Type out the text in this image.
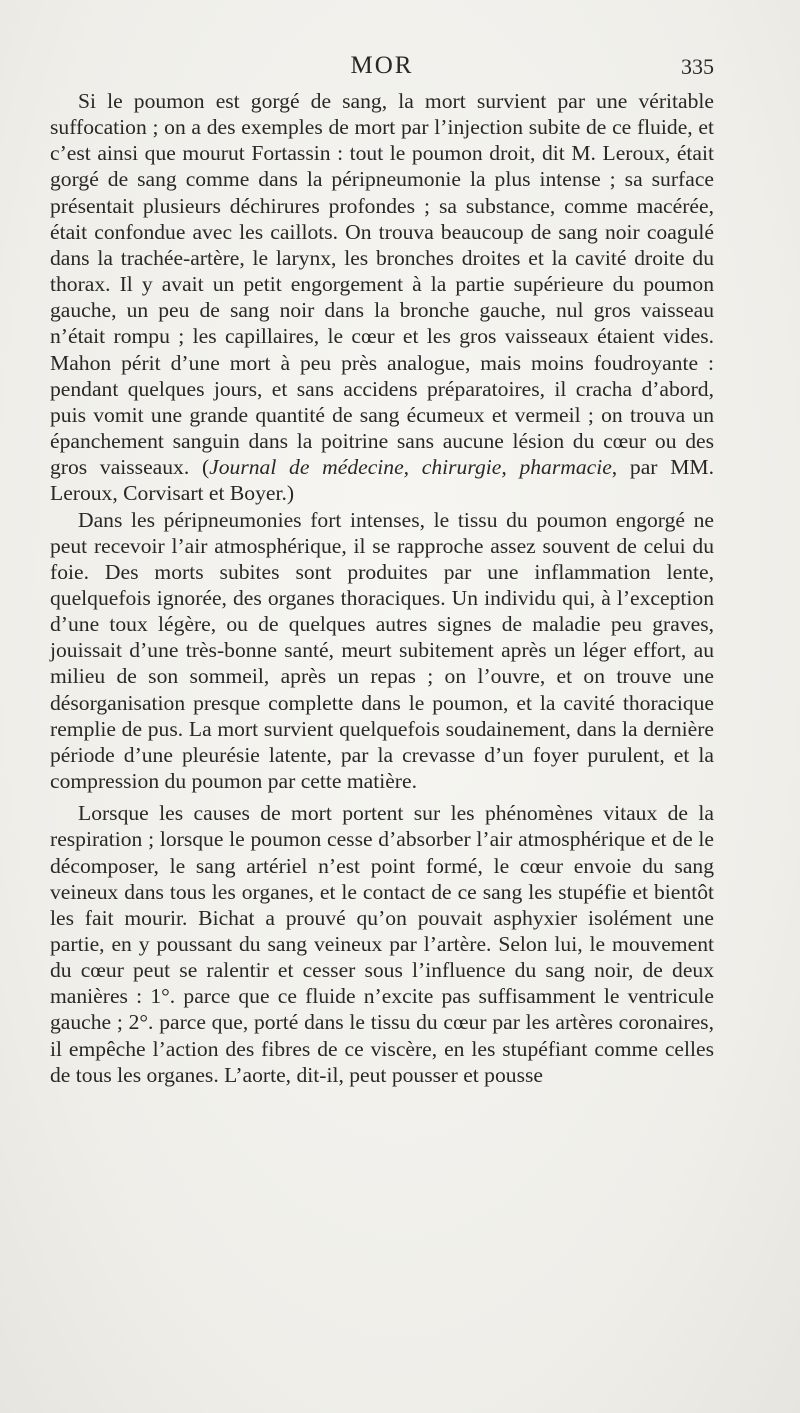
MOR	335

Si le poumon est gorgé de sang, la mort survient par une véritable suffocation ; on a des exemples de mort par l’injection subite de ce fluide, et c’est ainsi que mourut Fortassin : tout le poumon droit, dit M. Leroux, était gorgé de sang comme dans la péripneumonie la plus intense ; sa surface présentait plusieurs déchirures profondes ; sa substance, comme macérée, était confondue avec les caillots. On trouva beaucoup de sang noir coagulé dans la trachée-artère, le larynx, les bronches droites et la cavité droite du thorax. Il y avait un petit engorgement à la partie supérieure du poumon gauche, un peu de sang noir dans la bronche gauche, nul gros vaisseau n’était rompu ; les capillaires, le cœur et les gros vaisseaux étaient vides. Mahon périt d’une mort à peu près analogue, mais moins foudroyante : pendant quelques jours, et sans accidens préparatoires, il cracha d’abord, puis vomit une grande quantité de sang écumeux et vermeil ; on trouva un épanchement sanguin dans la poitrine sans aucune lésion du cœur ou des gros vaisseaux. (Journal de médecine, chirurgie, pharmacie, par MM. Leroux, Corvisart et Boyer.)

Dans les péripneumonies fort intenses, le tissu du poumon engorgé ne peut recevoir l’air atmosphérique, il se rapproche assez souvent de celui du foie. Des morts subites sont produites par une inflammation lente, quelquefois ignorée, des organes thoraciques. Un individu qui, à l’exception d’une toux légère, ou de quelques autres signes de maladie peu graves, jouissait d’une très-bonne santé, meurt subitement après un léger effort, au milieu de son sommeil, après un repas ; on l’ouvre, et on trouve une désorganisation presque complette dans le poumon, et la cavité thoracique remplie de pus. La mort survient quelquefois soudainement, dans la dernière période d’une pleurésie latente, par la crevasse d’un foyer purulent, et la compression du poumon par cette matière.

Lorsque les causes de mort portent sur les phénomènes vitaux de la respiration ; lorsque le poumon cesse d’absorber l’air atmosphérique et de le décomposer, le sang artériel n’est point formé, le cœur envoie du sang veineux dans tous les organes, et le contact de ce sang les stupéfie et bientôt les fait mourir. Bichat a prouvé qu’on pouvait asphyxier isolément une partie, en y poussant du sang veineux par l’artère. Selon lui, le mouvement du cœur peut se ralentir et cesser sous l’influence du sang noir, de deux manières : 1°. parce que ce fluide n’excite pas suffisamment le ventricule gauche ; 2°. parce que, porté dans le tissu du cœur par les artères coronaires, il empêche l’action des fibres de ce viscère, en les stupéfiant comme celles de tous les organes. L’aorte, dit-il, peut pousser et pousse
